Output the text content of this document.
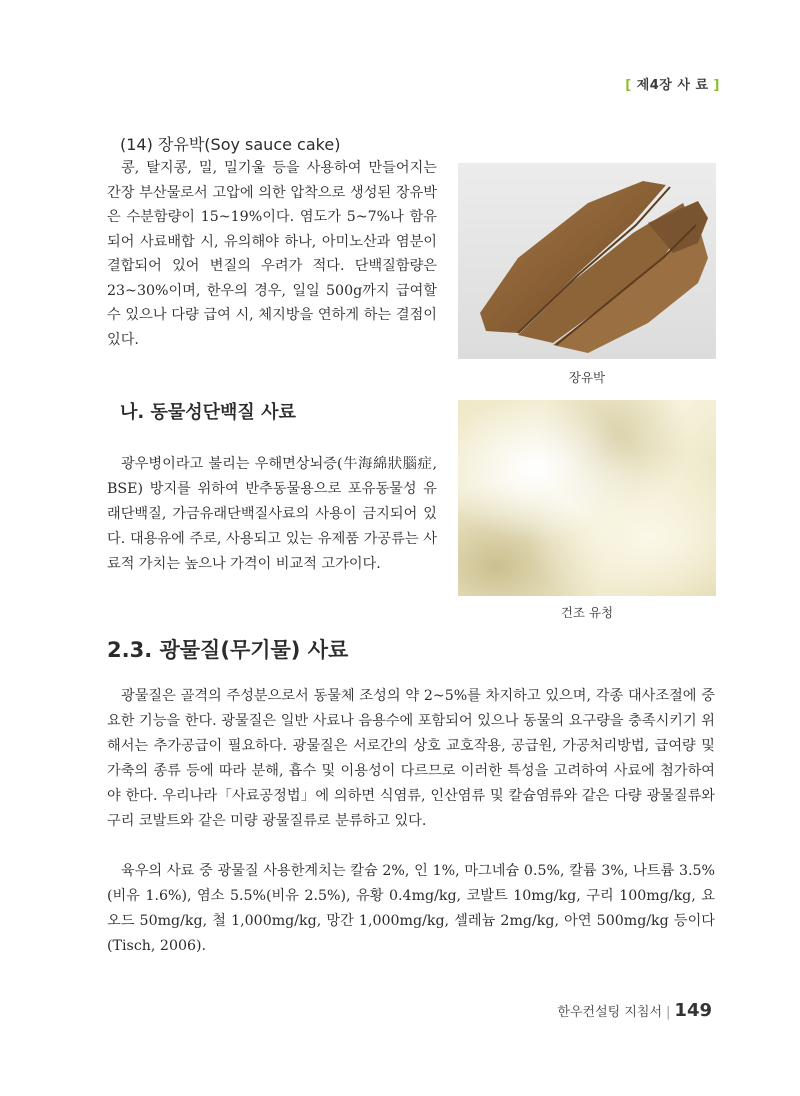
[ 제4장 사 료 ]
(14) 장유박(Soy sauce cake)
콩, 탈지콩, 밀, 밀기울 등을 사용하여 만들어지는 간장 부산물로서 고압에 의한 압착으로 생성된 장유박은 수분함량이 15~19%이다. 염도가 5~7%나 함유되어 사료배합 시, 유의해야 하나, 아미노산과 염분이 결합되어 있어 변질의 우려가 적다. 단백질함량은 23~30%이며, 한우의 경우, 일일 500g까지 급여할 수 있으나 다량 급여 시, 체지방을 연하게 하는 결점이 있다.
장유박
나. 동물성단백질 사료
광우병이라고 불리는 우해면상뇌증(牛海綿狀腦症, BSE) 방지를 위하여 반추동물용으로 포유동물성 유래단백질, 가금유래단백질사료의 사용이 금지되어 있다. 대용유에 주로, 사용되고 있는 유제품 가공류는 사료적 가치는 높으나 가격이 비교적 고가이다.
건조 유청
2.3. 광물질(무기물) 사료
광물질은 골격의 주성분으로서 동물체 조성의 약 2~5%를 차지하고 있으며, 각종 대사조절에 중요한 기능을 한다. 광물질은 일반 사료나 음용수에 포함되어 있으나 동물의 요구량을 충족시키기 위해서는 추가공급이 필요하다. 광물질은 서로간의 상호 교호작용, 공급원, 가공처리방법, 급여량 및 가축의 종류 등에 따라 분해, 흡수 및 이용성이 다르므로 이러한 특성을 고려하여 사료에 첨가하여야 한다. 우리나라「사료공정법」에 의하면 식염류, 인산염류 및 칼슘염류와 같은 다량 광물질류와 구리 코발트와 같은 미량 광물질류로 분류하고 있다.
육우의 사료 중 광물질 사용한계치는 칼슘 2%, 인 1%, 마그네슘 0.5%, 칼륨 3%, 나트륨 3.5%(비유 1.6%), 염소 5.5%(비유 2.5%), 유황 0.4mg/kg, 코발트 10mg/kg, 구리 100mg/kg, 요오드 50mg/kg, 철 1,000mg/kg, 망간 1,000mg/kg, 셀레늄 2mg/kg, 아연 500mg/kg 등이다(Tisch, 2006).
한우컨설팅 지침서 | 149
